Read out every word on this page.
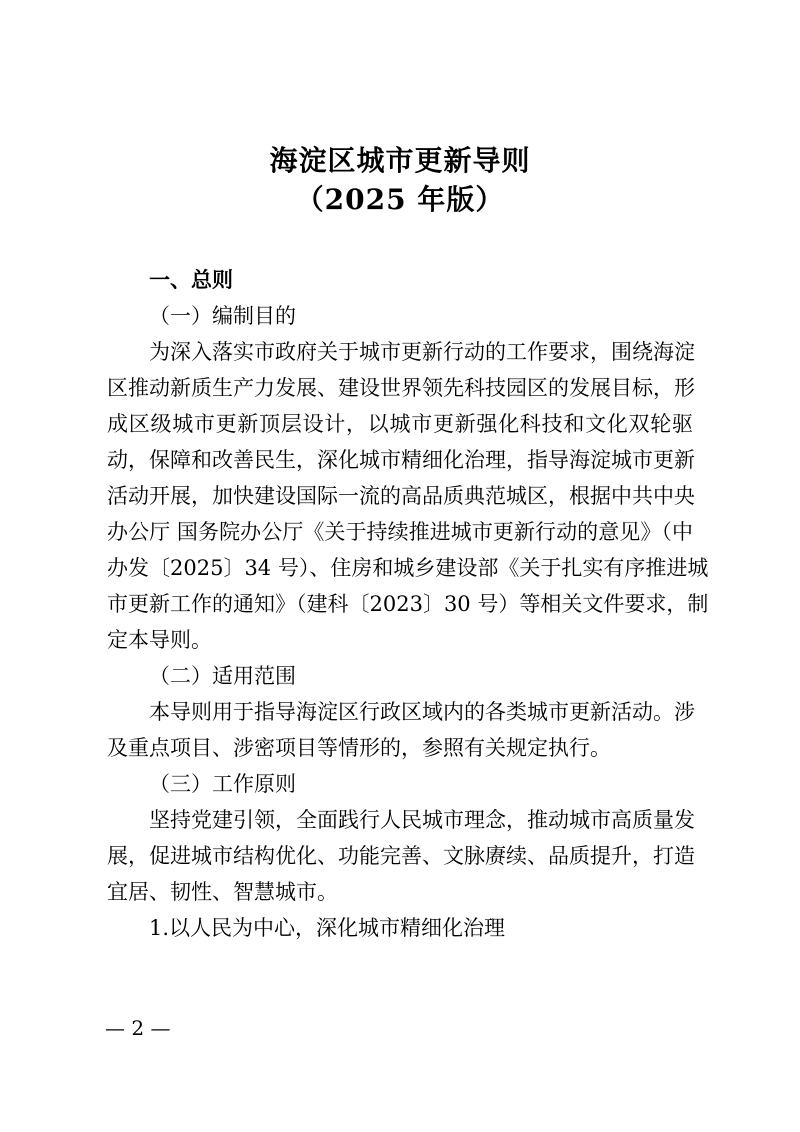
海淀区城市更新导则
（2025 年版）
一、总则
（一）编制目的
为深入落实市政府关于城市更新行动的工作要求，围绕海淀
区推动新质生产力发展、建设世界领先科技园区的发展目标，形
成区级城市更新顶层设计，以城市更新强化科技和文化双轮驱
动，保障和改善民生，深化城市精细化治理，指导海淀城市更新
活动开展，加快建设国际一流的高品质典范城区，根据中共中央
办公厅 国务院办公厅《关于持续推进城市更新行动的意见》（中
办发〔2025〕34 号）、住房和城乡建设部《关于扎实有序推进城
市更新工作的通知》（建科〔2023〕30 号）等相关文件要求，制
定本导则。
（二）适用范围
本导则用于指导海淀区行政区域内的各类城市更新活动。涉
及重点项目、涉密项目等情形的，参照有关规定执行。
（三）工作原则
坚持党建引领，全面践行人民城市理念，推动城市高质量发
展，促进城市结构优化、功能完善、文脉赓续、品质提升，打造
宜居、韧性、智慧城市。
1.以人民为中心，深化城市精细化治理
— 2 —
